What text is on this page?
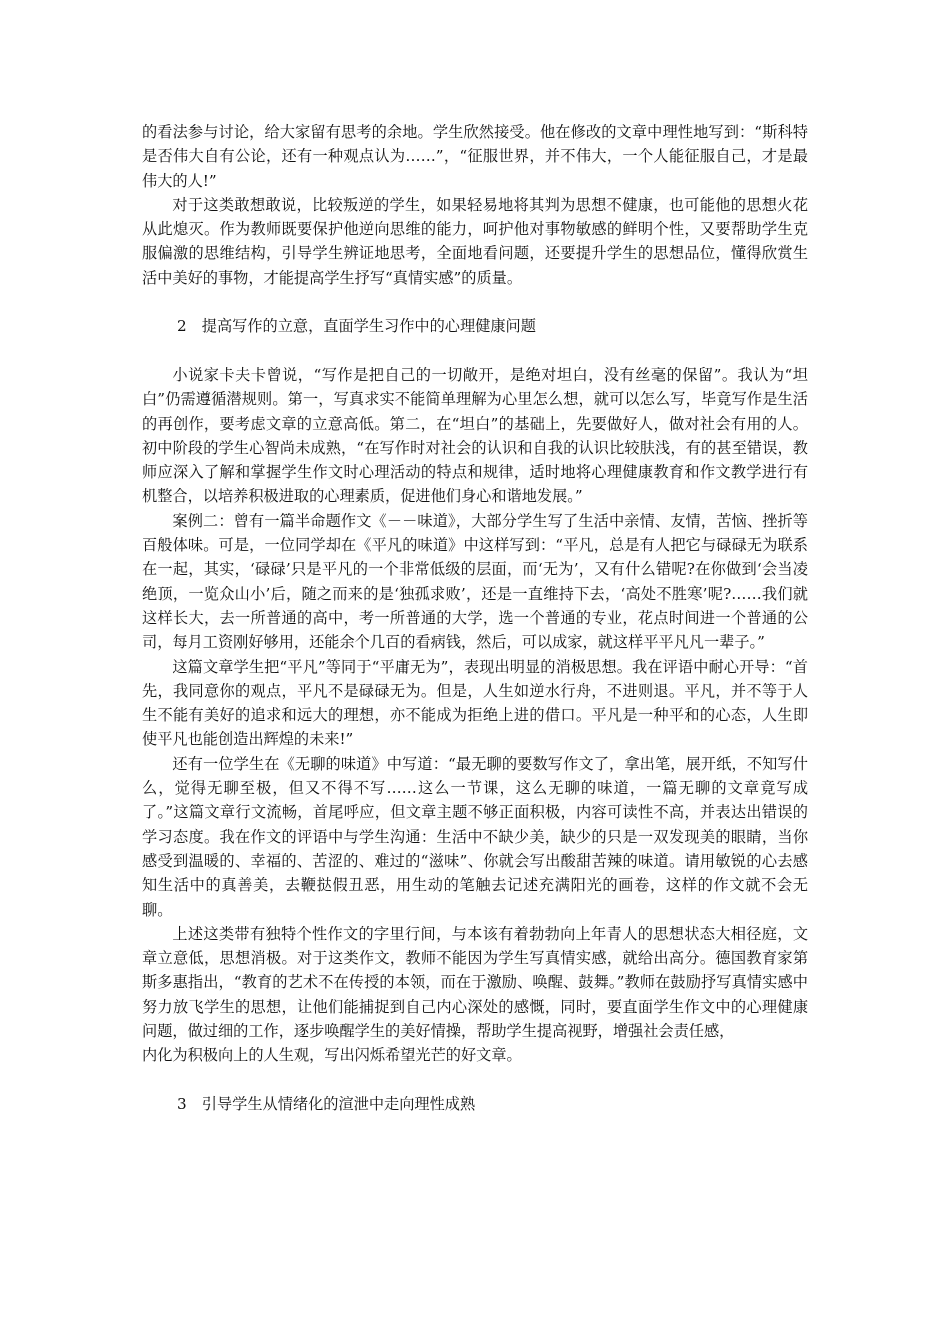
的看法参与讨论，给大家留有思考的余地。学生欣然接受。他在修改的文章中理性地写到：“斯科特是否伟大自有公论，还有一种观点认为……”，“征服世界，并不伟大，一个人能征服自己，才是最伟大的人!”

对于这类敢想敢说，比较叛逆的学生，如果轻易地将其判为思想不健康，也可能他的思想火花从此熄灭。作为教师既要保护他逆向思维的能力，呵护他对事物敏感的鲜明个性，又要帮助学生克服偏激的思维结构，引导学生辨证地思考，全面地看问题，还要提升学生的思想品位，懂得欣赏生活中美好的事物，才能提高学生抒写“真情实感”的质量。

2　提高写作的立意，直面学生习作中的心理健康问题

小说家卡夫卡曾说，“写作是把自己的一切敞开，是绝对坦白，没有丝毫的保留”。我认为“坦白”仍需遵循潜规则。第一，写真求实不能简单理解为心里怎么想，就可以怎么写，毕竟写作是生活的再创作，要考虑文章的立意高低。第二，在“坦白”的基础上，先要做好人，做对社会有用的人。初中阶段的学生心智尚未成熟，“在写作时对社会的认识和自我的认识比较肤浅，有的甚至错误，教师应深入了解和掌握学生作文时心理活动的特点和规律，适时地将心理健康教育和作文教学进行有机整合，以培养积极进取的心理素质，促进他们身心和谐地发展。”

案例二：曾有一篇半命题作文《－－味道》，大部分学生写了生活中亲情、友情，苦恼、挫折等百般体味。可是，一位同学却在《平凡的味道》中这样写到：“平凡，总是有人把它与碌碌无为联系在一起，其实，‘碌碌’只是平凡的一个非常低级的层面，而‘无为’，又有什么错呢?在你做到‘会当凌绝顶，一览众山小’后，随之而来的是‘独孤求败’，还是一直维持下去，‘高处不胜寒’呢?……我们就这样长大，去一所普通的高中，考一所普通的大学，选一个普通的专业，花点时间进一个普通的公司，每月工资刚好够用，还能余个几百的看病钱，然后，可以成家，就这样平平凡凡一辈子。”

这篇文章学生把“平凡”等同于“平庸无为”，表现出明显的消极思想。我在评语中耐心开导：“首先，我同意你的观点，平凡不是碌碌无为。但是，人生如逆水行舟，不进则退。平凡，并不等于人生不能有美好的追求和远大的理想，亦不能成为拒绝上进的借口。平凡是一种平和的心态，人生即使平凡也能创造出辉煌的未来!”

还有一位学生在《无聊的味道》中写道：“最无聊的要数写作文了，拿出笔，展开纸，不知写什么，觉得无聊至极，但又不得不写……这么一节课，这么无聊的味道，一篇无聊的文章竟写成了。”这篇文章行文流畅，首尾呼应，但文章主题不够正面积极，内容可读性不高，并表达出错误的学习态度。我在作文的评语中与学生沟通：生活中不缺少美，缺少的只是一双发现美的眼睛，当你感受到温暖的、幸福的、苦涩的、难过的“滋味”、你就会写出酸甜苦辣的味道。请用敏锐的心去感知生活中的真善美，去鞭挞假丑恶，用生动的笔触去记述充满阳光的画卷，这样的作文就不会无聊。

上述这类带有独特个性作文的字里行间，与本该有着勃勃向上年青人的思想状态大相径庭，文章立意低，思想消极。对于这类作文，教师不能因为学生写真情实感，就给出高分。德国教育家第斯多惠指出，“教育的艺术不在传授的本领，而在于激励、唤醒、鼓舞。”教师在鼓励抒写真情实感中努力放飞学生的思想，让他们能捕捉到自己内心深处的感慨，同时，要直面学生作文中的心理健康问题，做过细的工作，逐步唤醒学生的美好情操，帮助学生提高视野，增强社会责任感，

内化为积极向上的人生观，写出闪烁希望光芒的好文章。

3　引导学生从情绪化的渲泄中走向理性成熟
